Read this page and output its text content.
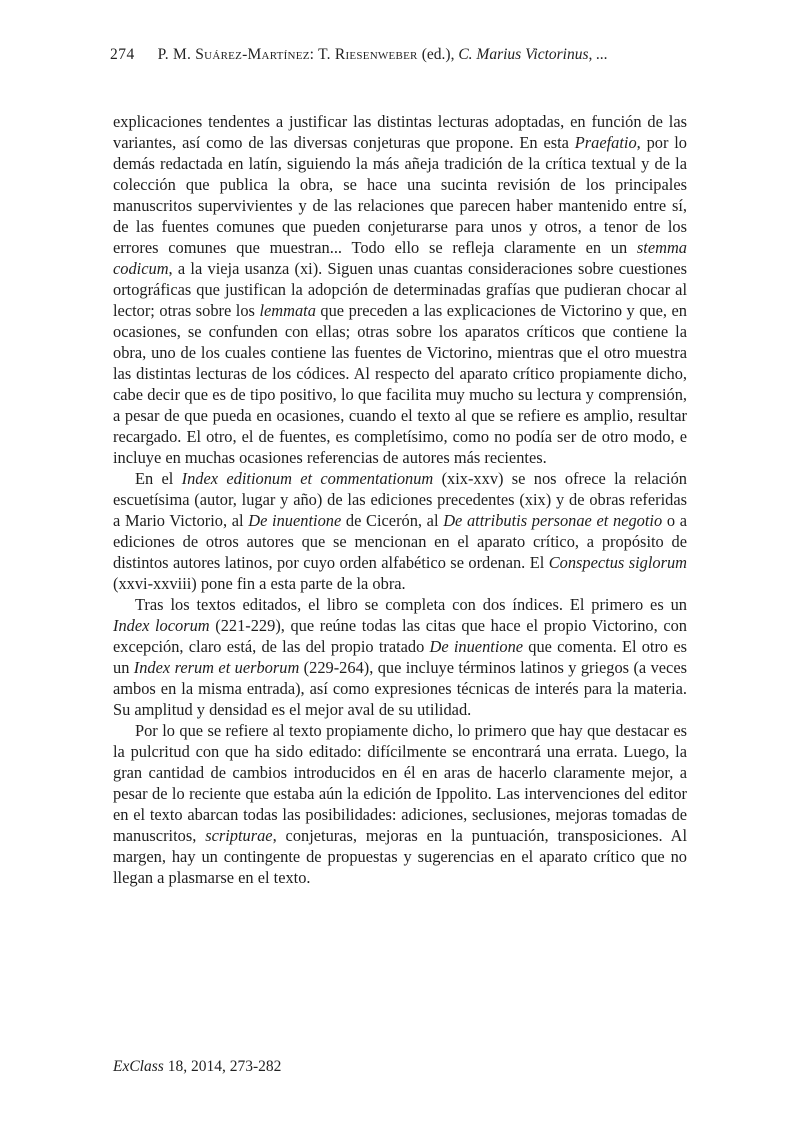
274 P. M. Suárez-Martínez: T. Riesenweber (ed.), C. Marius Victorinus, ...

explicaciones tendentes a justificar las distintas lecturas adoptadas, en función de las variantes, así como de las diversas conjeturas que propone. En esta Praefatio, por lo demás redactada en latín, siguiendo la más añeja tradición de la crítica textual y de la colección que publica la obra, se hace una sucinta revisión de los principales manuscritos supervivientes y de las relaciones que parecen haber mantenido entre sí, de las fuentes comunes que pueden conjeturarse para unos y otros, a tenor de los errores comunes que muestran... Todo ello se refleja claramente en un stemma codicum, a la vieja usanza (xi). Siguen unas cuantas consideraciones sobre cuestiones ortográficas que justifican la adopción de determinadas grafías que pudieran chocar al lector; otras sobre los lemmata que preceden a las explicaciones de Victorino y que, en ocasiones, se confunden con ellas; otras sobre los aparatos críticos que contiene la obra, uno de los cuales contiene las fuentes de Victorino, mientras que el otro muestra las distintas lecturas de los códices. Al respecto del aparato crítico propiamente dicho, cabe decir que es de tipo positivo, lo que facilita muy mucho su lectura y comprensión, a pesar de que pueda en ocasiones, cuando el texto al que se refiere es amplio, resultar recargado. El otro, el de fuentes, es completísimo, como no podía ser de otro modo, e incluye en muchas ocasiones referencias de autores más recientes.

En el Index editionum et commentationum (xix-xxv) se nos ofrece la relación escuetísima (autor, lugar y año) de las ediciones precedentes (xix) y de obras referidas a Mario Victorio, al De inuentione de Cicerón, al De attributis personae et negotio o a ediciones de otros autores que se mencionan en el aparato crítico, a propósito de distintos autores latinos, por cuyo orden alfabético se ordenan. El Conspectus siglorum (xxvi-xxviii) pone fin a esta parte de la obra.

Tras los textos editados, el libro se completa con dos índices. El primero es un Index locorum (221-229), que reúne todas las citas que hace el propio Victorino, con excepción, claro está, de las del propio tratado De inuentione que comenta. El otro es un Index rerum et uerborum (229-264), que incluye términos latinos y griegos (a veces ambos en la misma entrada), así como expresiones técnicas de interés para la materia. Su amplitud y densidad es el mejor aval de su utilidad.

Por lo que se refiere al texto propiamente dicho, lo primero que hay que destacar es la pulcritud con que ha sido editado: difícilmente se encontrará una errata. Luego, la gran cantidad de cambios introducidos en él en aras de hacerlo claramente mejor, a pesar de lo reciente que estaba aún la edición de Ippolito. Las intervenciones del editor en el texto abarcan todas las posibilidades: adiciones, seclusiones, mejoras tomadas de manuscritos, scripturae, conjeturas, mejoras en la puntuación, transposiciones. Al margen, hay un contingente de propuestas y sugerencias en el aparato crítico que no llegan a plasmarse en el texto.

ExClass 18, 2014, 273-282
